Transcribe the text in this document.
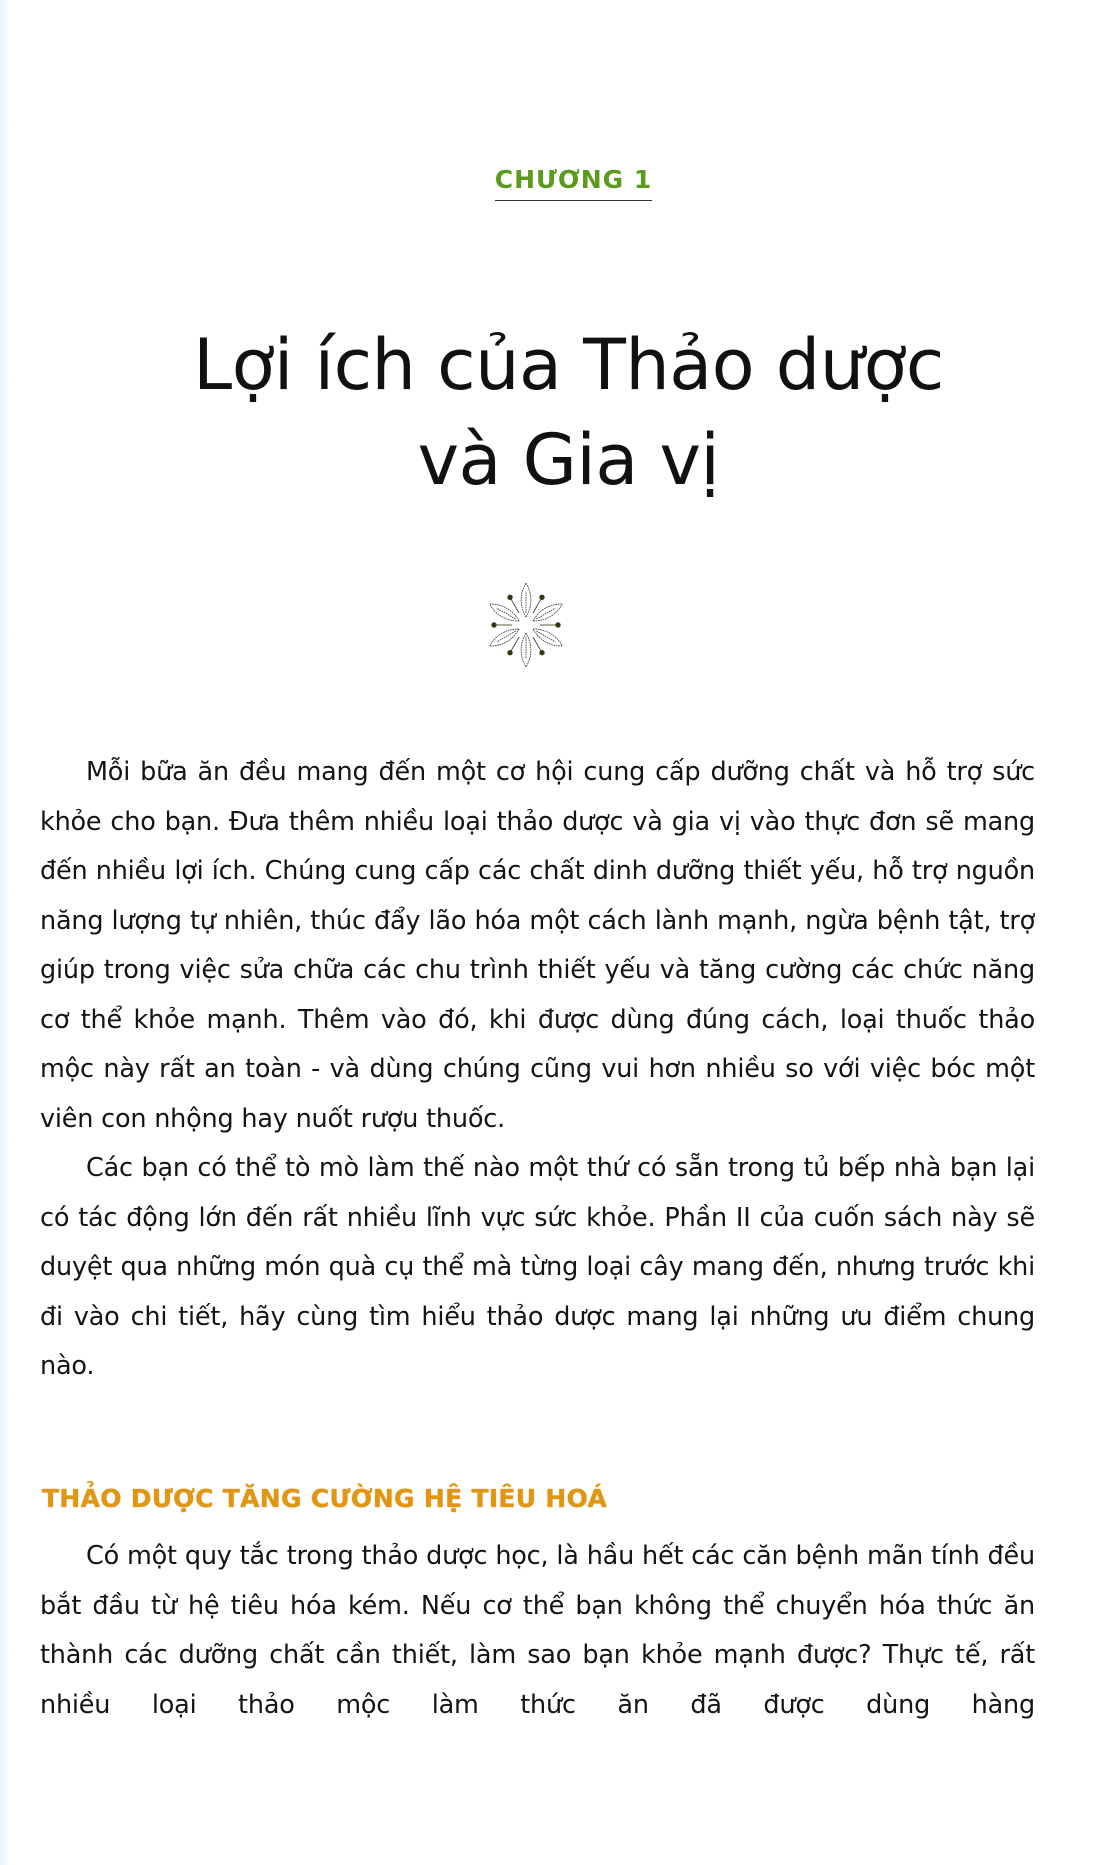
CHƯƠNG 1
Lợi ích của Thảo dược
và Gia vị

Mỗi bữa ăn đều mang đến một cơ hội cung cấp dưỡng chất và hỗ trợ sức khỏe cho bạn. Đưa thêm nhiều loại thảo dược và gia vị vào thực đơn sẽ mang đến nhiều lợi ích. Chúng cung cấp các chất dinh dưỡng thiết yếu, hỗ trợ nguồn năng lượng tự nhiên, thúc đẩy lão hóa một cách lành mạnh, ngừa bệnh tật, trợ giúp trong việc sửa chữa các chu trình thiết yếu và tăng cường các chức năng cơ thể khỏe mạnh. Thêm vào đó, khi được dùng đúng cách, loại thuốc thảo mộc này rất an toàn - và dùng chúng cũng vui hơn nhiều so với việc bóc một viên con nhộng hay nuốt rượu thuốc.

Các bạn có thể tò mò làm thế nào một thứ có sẵn trong tủ bếp nhà bạn lại có tác động lớn đến rất nhiều lĩnh vực sức khỏe. Phần II của cuốn sách này sẽ duyệt qua những món quà cụ thể mà từng loại cây mang đến, nhưng trước khi đi vào chi tiết, hãy cùng tìm hiểu thảo dược mang lại những ưu điểm chung nào.

THẢO DƯỢC TĂNG CƯỜNG HỆ TIÊU HOÁ

Có một quy tắc trong thảo dược học, là hầu hết các căn bệnh mãn tính đều bắt đầu từ hệ tiêu hóa kém. Nếu cơ thể bạn không thể chuyển hóa thức ăn thành các dưỡng chất cần thiết, làm sao bạn khỏe mạnh được? Thực tế, rất nhiều loại thảo mộc làm thức ăn đã được dùng hàng
